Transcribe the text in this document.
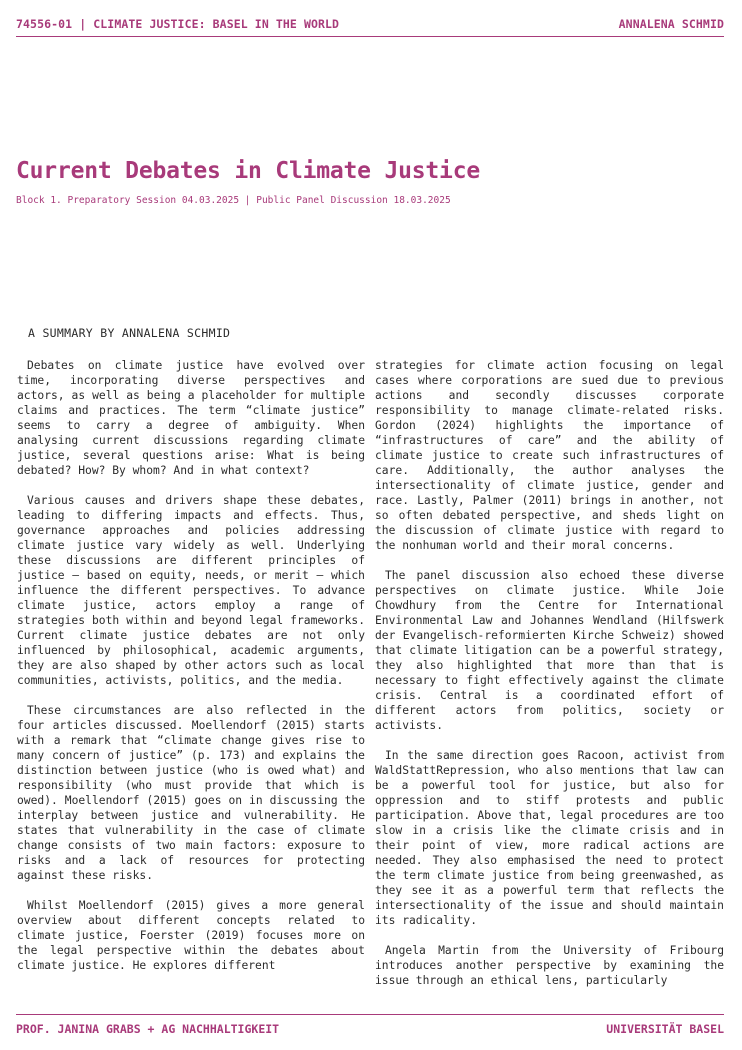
74556-01 | CLIMATE JUSTICE: BASEL IN THE WORLD	ANNALENA SCHMID
Current Debates in Climate Justice
Block 1. Preparatory Session 04.03.2025 | Public Panel Discussion 18.03.2025
A SUMMARY BY ANNALENA SCHMID

Debates on climate justice have evolved over time, incorporating diverse perspectives and actors, as well as being a placeholder for multiple claims and practices. The term “climate justice” seems to carry a degree of ambiguity. When analysing current discussions regarding climate justice, several questions arise: What is being debated? How? By whom? And in what context?

Various causes and drivers shape these debates, leading to differing impacts and effects. Thus, governance approaches and policies addressing climate justice vary widely as well. Underlying these discussions are different principles of justice — based on equity, needs, or merit — which influence the different perspectives. To advance climate justice, actors employ a range of strategies both within and beyond legal frameworks. Current climate justice debates are not only influenced by philosophical, academic arguments, they are also shaped by other actors such as local communities, activists, politics, and the media.

These circumstances are also reflected in the four articles discussed. Moellendorf (2015) starts with a remark that “climate change gives rise to many concern of justice” (p. 173) and explains the distinction between justice (who is owed what) and responsibility (who must provide that which is owed). Moellendorf (2015) goes on in discussing the interplay between justice and vulnerability. He states that vulnerability in the case of climate change consists of two main factors: exposure to risks and a lack of resources for protecting against these risks.

Whilst Moellendorf (2015) gives a more general overview about different concepts related to climate justice, Foerster (2019) focuses more on the legal perspective within the debates about climate justice. He explores different

strategies for climate action focusing on legal cases where corporations are sued due to previous actions and secondly discusses corporate responsibility to manage climate-related risks. Gordon (2024) highlights the importance of “infrastructures of care” and the ability of climate justice to create such infrastructures of care. Additionally, the author analyses the intersectionality of climate justice, gender and race. Lastly, Palmer (2011) brings in another, not so often debated perspective, and sheds light on the discussion of climate justice with regard to the nonhuman world and their moral concerns.

The panel discussion also echoed these diverse perspectives on climate justice. While Joie Chowdhury from the Centre for International Environmental Law and Johannes Wendland (Hilfswerk der Evangelisch-reformierten Kirche Schweiz) showed that climate litigation can be a powerful strategy, they also highlighted that more than that is necessary to fight effectively against the climate crisis. Central is a coordinated effort of different actors from politics, society or activists.

In the same direction goes Racoon, activist from WaldStattRepression, who also mentions that law can be a powerful tool for justice, but also for oppression and to stiff protests and public participation. Above that, legal procedures are too slow in a crisis like the climate crisis and in their point of view, more radical actions are needed. They also emphasised the need to protect the term climate justice from being greenwashed, as they see it as a powerful term that reflects the intersectionality of the issue and should maintain its radicality.

Angela Martin from the University of Fribourg introduces another perspective by examining the issue through an ethical lens, particularly

PROF. JANINA GRABS + AG NACHHALTIGKEIT	UNIVERSITÄT BASEL
